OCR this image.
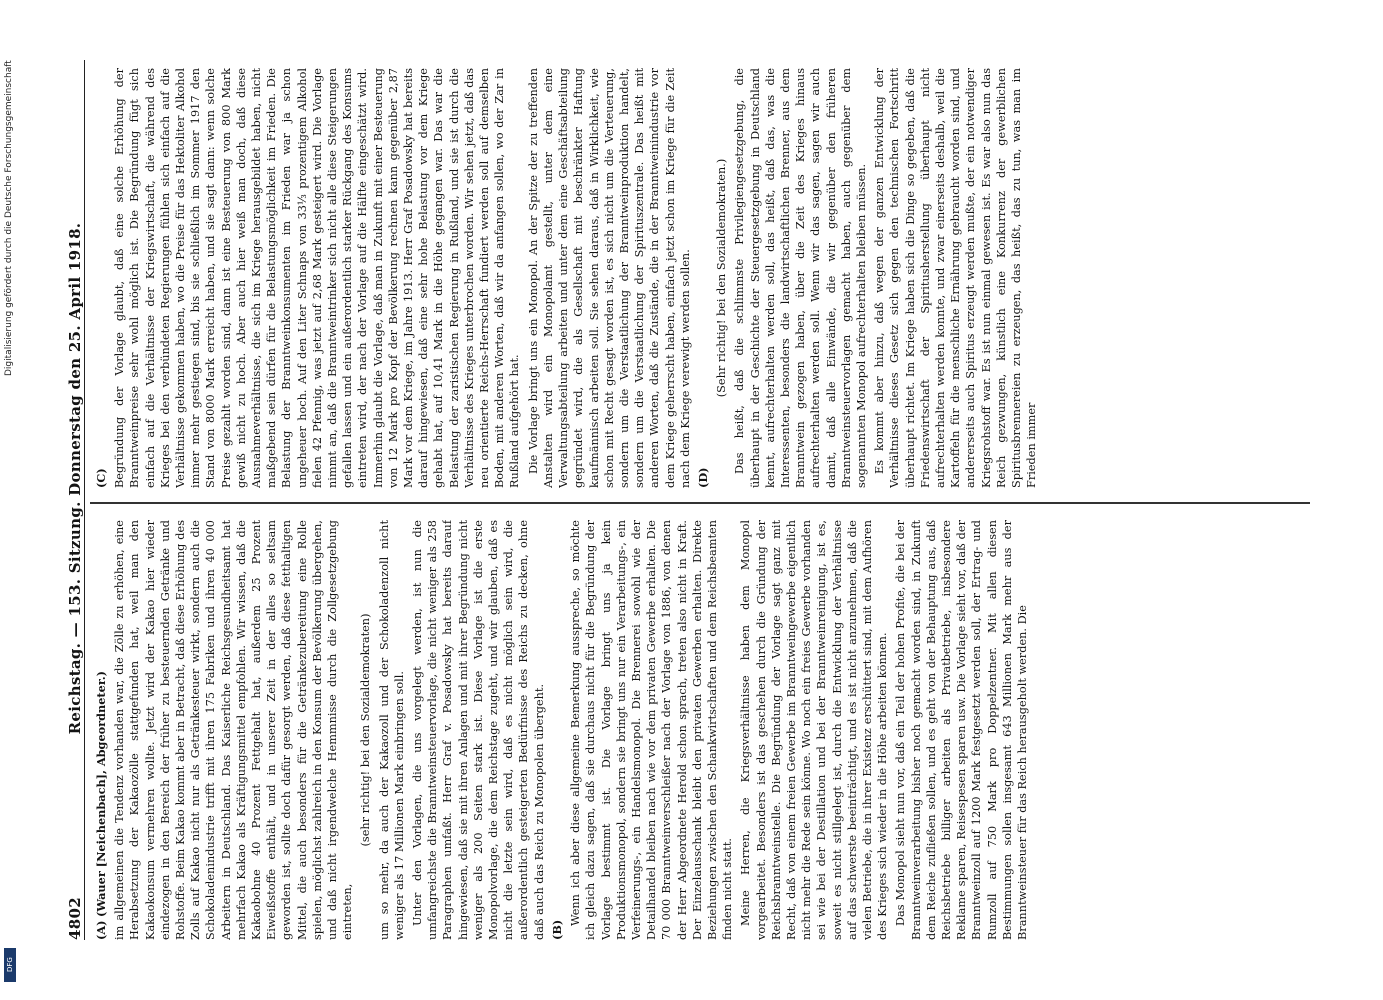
4802
Reichstag. — 153. Sitzung. Donnerstag den 25. April 1918.

(A) (Wauer [Neichenbach], Abgeordneter.) im allgemeinen die Tendenz vorhanden war, die Zölle zu erhöhen, eine Herabsetzung der Kakaozölle stattgefunden hat, weil man den Kakaokonsum vermehren wollte. Jetzt wird der Kakao hier wieder eindezogen in den Bereich der früher zu besteuernden Getränke und Rohstoffe. Beim Kakao kommt aber in Betracht, daß diese Erhöhung des Zolls auf Kakao nicht nur als Getränkesteuer wirkt, sondern auch die Schokoladenindustrie trifft mit ihren 175 Fabriken und ihren 40 000 Arbeitern in Deutschland. Das Kaiserliche Reichsgesundheitsamt hat mehrfach Kakao als Kräftigungsmittel empfohlen. Wir wissen, daß die Kakaobohne 40 Prozent Fettgehalt hat, außerdem 25 Prozent Eiweißstoffe enthält, und in unserer Zeit in der alles so seltsam geworden ist, sollte doch dafür gesorgt werden, daß diese fetthaltigen Mittel, die auch besonders für die Getränkezubereitung eine Rolle spielen, möglichst zahlreich in den Konsum der Bevölkerung übergehen, und daß nicht irgendwelche Hemmnisse durch die Zollgesetzgebung eintreten,

(sehr richtig! bei den Sozialdemokraten) um so mehr, da auch der Kakaozoll und der Schokoladenzoll nicht weniger als 17 Millionen Mark einbringen soll. Unter den Vorlagen, die uns vorgelegt werden, ist nun die umfangreichste die Branntweinsteuervorlage, die nicht weniger als 258 Paragraphen umfaßt. Herr Graf v. Posadowsky hat bereits darauf hingewiesen, daß sie mit ihren Anlagen und mit ihrer Begründung nicht weniger als 200 Seiten stark ist. Diese Vorlage ist die erste Monopolvorlage, die dem Reichstage zugeht, und wir glauben, daß es nicht die letzte sein wird, daß es nicht möglich sein wird, die außerordentlich gesteigerten Bedürfnisse des Reichs zu decken, ohne daß auch das Reich zu Monopolen übergeht. (B)

Wenn ich aber diese allgemeine Bemerkung ausspreche, so möchte ich gleich dazu sagen, daß sie durchaus nicht für die Begründung der Vorlage bestimmt ist. Die Vorlage bringt uns ja kein Produktionsmonopol, sondern sie bringt uns nur ein Verarbeitungs-, ein Verfeinerungs-, ein Handelsmonopol. Die Brennerei sowohl wie der Detailhandel bleiben nach wie vor dem privaten Gewerbe erhalten. Die 70 000 Branntweinverschleißer nach der Vorlage von 1886, von denen der Herr Abgeordnete Herold schon sprach, treten also nicht in Kraft. Der Einzelausschank bleibt den privaten Gewerben erhalten. Direkte Beziehungen zwischen den Schankwirtschaften und dem Reichsbeamten finden nicht statt. Meine Herren, die Kriegsverhältnisse haben dem Monopol vorgearbeitet. Besonders ist das geschehen durch die Gründung der Reichsbranntweinstelle. Die Begründung der Vorlage sagt ganz mit Recht, daß von einem freien Gewerbe im Branntweingewerbe eigentlich nicht mehr die Rede sein könne. Wo noch ein freies Gewerbe vorhanden sei wie bei der Destillation und bei der Branntweinreinigung, ist es, soweit es nicht stillgelegt ist, durch die Entwicklung der Verhältnisse auf das schwerste beeinträchtigt, und es ist nicht anzunehmen, daß die vielen Betriebe, die in ihrer Existenz erschüttert sind, mit dem Aufhören des Krieges sich wieder in die Höhe arbeiten können. Das Monopol sieht nun vor, daß ein Teil der hohen Profite, die bei der Branntweinverarbeitung bisher noch gemacht worden sind, in Zukunft dem Reiche zufließen sollen, und es geht von der Behauptung aus, daß Reichsbetriebe billiger arbeiten als Privatbetriebe, insbesondere Reklame sparen, Reisespesen sparen usw. Die Vorlage sieht vor, daß der Branntweinzoll auf 1200 Mark festgesetzt werden soll, der Ertrag- und Rumzoll auf 750 Mark pro Doppelzentner. Mit allen diesen Bestimmungen sollen insgesamt 643 Millionen Mark mehr aus der Branntweinsteuer für das Reich herausgeholt werden. Die

(C) Begründung der Vorlage glaubt, daß eine solche Erhöhung der Branntweinpreise sehr wohl möglich ist. Die Begründung fügt sich einfach auf die Verhältnisse der Kriegswirtschaft, die während des Krieges bei den verbündeten Regierungen fühlen sich einfach auf die Verhältnisse gekommen haben, wo die Preise für das Hektoliter Alkohol immer mehr gestiegen sind, bis sie schließlich im Sommer 1917 den Stand von 8000 Mark erreicht haben, und sie sagt dann: wenn solche Preise gezahlt worden sind, dann ist eine Besteuerung von 800 Mark gewiß nicht zu hoch. Aber auch hier weiß man doch, daß diese Ausnahmeverhältnisse, die sich im Kriege herausgebildet haben, nicht maßgebend sein dürfen für die Belastungsmöglichkeit im Frieden. Die Belastung der Branntweinkonsumenten im Frieden war ja schon ungeheuer hoch. Auf den Liter Schnaps von 33⅓ prozentigem Alkohol fielen 42 Pfennig, was jetzt auf 2,68 Mark gesteigert wird. Die Vorlage nimmt an, daß die Branntweintrinker sich nicht alle diese Steigerungen gefallen lassen und ein außerordentlich starker Rückgang des Konsums eintreten wird, der nach der Vorlage auf die Hälfte eingeschätzt wird. Immerhin glaubt die Vorlage, daß man in Zukunft mit einer Besteuerung von 12 Mark pro Kopf der Bevölkerung rechnen kann gegenüber 2,87 Mark vor dem Kriege, im Jahre 1913. Herr Graf Posadowsky hat bereits darauf hingewiesen, daß eine sehr hohe Belastung vor dem Kriege gehabt hat, auf 10,41 Mark in die Höhe gegangen war. Das war die Belastung der zaristischen Regierung in Rußland, und sie ist durch die Verhältnisse des Krieges unterbrochen worden. Wir sehen jetzt, daß das neu orientierte Reichs-Herrschaft fundiert werden soll auf demselben Boden, mit anderen Worten, daß wir da anfangen sollen, wo der Zar in Rußland aufgehört hat. Die Vorlage bringt uns ein Monopol. An der Spitze der zu treffenden Anstalten wird ein Monopolamt gestellt, unter dem eine Verwaltungsabteilung arbeiten und unter dem eine Geschäftsabteilung gegründet wird, die als Gesellschaft mit beschränkter Haftung kaufmännisch arbeiten soll. Sie sehen daraus, daß in Wirklichkeit, wie schon mit Recht gesagt worden ist, es sich nicht um die Verteuerung, sondern um die Verstaatlichung der Branntweinproduktion handelt, sondern um die Verstaatlichung der Spirituszentrale. Das heißt mit anderen Worten, daß die Zustände, die in der Branntweinindustrie vor dem Kriege geherrscht haben, einfach jetzt schon im Kriege für die Zeit nach dem Kriege verewigt werden sollen. (D)

(Sehr richtig! bei den Sozialdemokraten.) Das heißt, daß die schlimmste Privilegiengesetzgebung, die überhaupt in der Geschichte der Steuergesetzgebung in Deutschland kennt, aufrechterhalten werden soll, das heißt, daß das, was die Interessenten, besonders die landwirtschaftlichen Brenner, aus dem Branntwein gezogen haben, über die Zeit des Krieges hinaus aufrechterhalten werden soll. Wenn wir das sagen, sagen wir auch damit, daß alle Einwände, die wir gegenüber den früheren Branntweinsteuervorlagen gemacht haben, auch gegenüber dem sogenannten Monopol aufrechterhalten bleiben müssen. Es kommt aber hinzu, daß wegen der ganzen Entwicklung der Verhältnisse dieses Gesetz sich gegen den technischen Fortschritt überhaupt richtet. Im Kriege haben sich die Dinge so gegeben, daß die Friedenswirtschaft der Spiritusherstellung überhaupt nicht aufrechterhalten werden konnte, und zwar einerseits deshalb, weil die Kartoffeln für die menschliche Ernährung gebraucht worden sind, und andererseits auch Spiritus erzeugt werden mußte, der ein notwendiger Kriegsrohstoff war. Es ist nun einmal gewesen ist. Es war also nun das Reich gezwungen, künstlich eine Konkurrenz der gewerblichen Spiritusbrennereien zu erzeugen, das heißt, das zu tun, was man im Frieden immer

Digitalisierung gefördert durch die Deutsche Forschungsgemeinschaft
DFG
